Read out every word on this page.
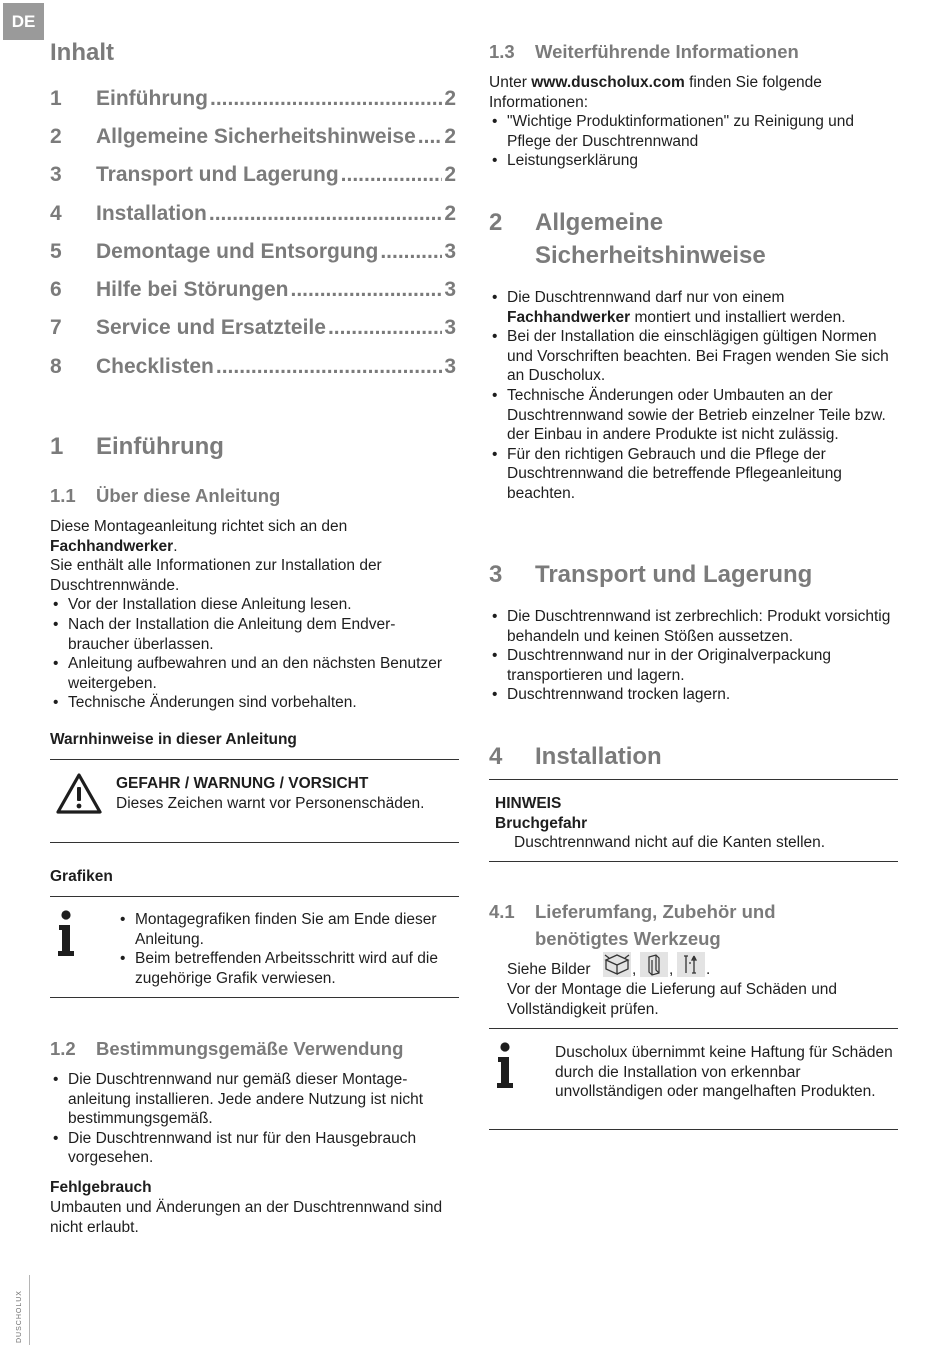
DE
DUSCHOLUX
Inhalt
1	Einführung .....	2
2	Allgemeine Sicherheitshinweise ..... 2
3	Transport und Lagerung .....	2
4	Installation .....	2
5	Demontage und Entsorgung .....	3
6	Hilfe bei Störungen .....	3
7	Service und Ersatzteile .....	3
8	Checklisten .....	3
1	Einführung
1.1	Über diese Anleitung
Diese Montageanleitung richtet sich an den
Fachhandwerker.
Sie enthält alle Informationen zur Installation der Duschtrennwände.
• Vor der Installation diese Anleitung lesen.
• Nach der Installation die Anleitung dem Endverbraucher überlassen.
• Anleitung aufbewahren und an den nächsten Benutzer weitergeben.
• Technische Änderungen sind vorbehalten.
Warnhinweise in dieser Anleitung
GEFAHR / WARNUNG / VORSICHT
Dieses Zeichen warnt vor Personenschäden.
Grafiken
• Montagegrafiken finden Sie am Ende dieser Anleitung.
• Beim betreffenden Arbeitsschritt wird auf die zugehörige Grafik verwiesen.
1.2	Bestimmungsgemäße Verwendung
• Die Duschtrennwand nur gemäß dieser Montageanleitung installieren. Jede andere Nutzung ist nicht bestimmungsgemäß.
• Die Duschtrennwand ist nur für den Hausgebrauch vorgesehen.
Fehlgebrauch
Umbauten und Änderungen an der Duschtrennwand sind nicht erlaubt.
1.3	Weiterführende Informationen
Unter www.duscholux.com finden Sie folgende Informationen:
• "Wichtige Produktinformationen" zu Reinigung und Pflege der Duschtrennwand
• Leistungserklärung
2	Allgemeine
Sicherheitshinweise
• Die Duschtrennwand darf nur von einem Fachhandwerker montiert und installiert werden.
• Bei der Installation die einschlägigen gültigen Normen und Vorschriften beachten. Bei Fragen wenden Sie sich an Duscholux.
• Technische Änderungen oder Umbauten an der Duschtrennwand sowie der Betrieb einzelner Teile bzw. der Einbau in andere Produkte ist nicht zulässig.
• Für den richtigen Gebrauch und die Pflege der Duschtrennwand die betreffende Pflegeanleitung beachten.
3	Transport und Lagerung
• Die Duschtrennwand ist zerbrechlich: Produkt vorsichtig behandeln und keinen Stößen aussetzen.
• Duschtrennwand nur in der Originalverpackung transportieren und lagern.
• Duschtrennwand trocken lagern.
4	Installation
HINWEIS
Bruchgefahr
Duschtrennwand nicht auf die Kanten stellen.
4.1	Lieferumfang, Zubehör und
benötigtes Werkzeug
Siehe Bilder	, , .
Vor der Montage die Lieferung auf Schäden und Vollständigkeit prüfen.
Duscholux übernimmt keine Haftung für Schäden durch die Installation von erkennbar unvollständigen oder mangelhaften Produkten.
